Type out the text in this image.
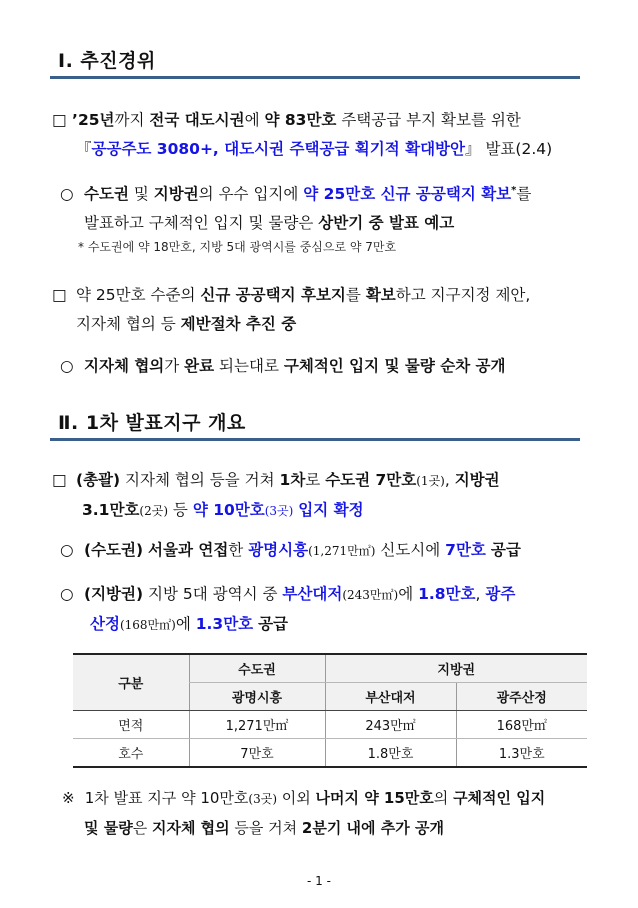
Ⅰ. 추진경위
□ ’25년까지 전국 대도시권에 약 83만호 주택공급 부지 확보를 위한
『공공주도 3080+, 대도시권 주택공급 획기적 확대방안』 발표(2.4)
○ 수도권 및 지방권의 우수 입지에 약 25만호 신규 공공택지 확보*를
발표하고 구체적인 입지 및 물량은 상반기 중 발표 예고
* 수도권에 약 18만호, 지방 5대 광역시를 중심으로 약 7만호
□ 약 25만호 수준의 신규 공공택지 후보지를 확보하고 지구지정 제안,
지자체 협의 등 제반절차 추진 중
○ 지자체 협의가 완료 되는대로 구체적인 입지 및 물량 순차 공개
Ⅱ. 1차 발표지구 개요
□ (총괄) 지자체 협의 등을 거쳐 1차로 수도권 7만호(1곳), 지방권
3.1만호(2곳) 등 약 10만호(3곳) 입지 확정
○ (수도권) 서울과 연접한 광명시흥(1,271만㎡) 신도시에 7만호 공급
○ (지방권) 지방 5대 광역시 중 부산대저(243만㎡)에 1.8만호, 광주
산정(168만㎡)에 1.3만호 공급
구분	수도권	지방권	
	광명시흥	부산대저	광주산정
면적	1,271만㎡	243만㎡	168만㎡
호수	7만호	1.8만호	1.3만호
※ 1차 발표 지구 약 10만호(3곳) 이외 나머지 약 15만호의 구체적인 입지
및 물량은 지자체 협의 등을 거쳐 2분기 내에 추가 공개
- 1 -
